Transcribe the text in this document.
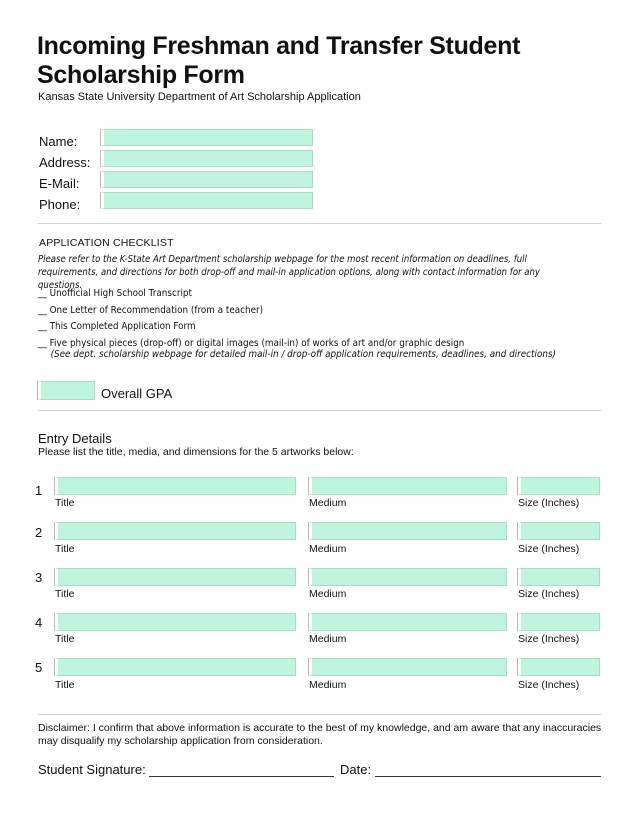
Incoming Freshman and Transfer Student Scholarship Form
Kansas State University Department of Art Scholarship Application
Name:
Address:
E-Mail:
Phone:
APPLICATION CHECKLIST
Please refer to the K-State Art Department scholarship webpage for the most recent information on deadlines, full requirements, and directions for both drop-off and mail-in application options, along with contact information for any questions.
__ Unofficial High School Transcript
__ One Letter of Recommendation (from a teacher)
__ This Completed Application Form
__ Five physical pieces (drop-off) or digital images (mail-in) of works of art and/or graphic design
(See dept. scholarship webpage for detailed mail-in / drop-off application requirements, deadlines, and directions)
Overall GPA
Entry Details
Please list the title, media, and dimensions for the 5 artworks below:
1
Title	Medium	Size (Inches)
2
Title	Medium	Size (Inches)
3
Title	Medium	Size (Inches)
4
Title	Medium	Size (Inches)
5
Title	Medium	Size (Inches)
Disclaimer: I confirm that above information is accurate to the best of my knowledge, and am aware that any inaccuracies may disqualify my scholarship application from consideration.
Student Signature:	Date:
